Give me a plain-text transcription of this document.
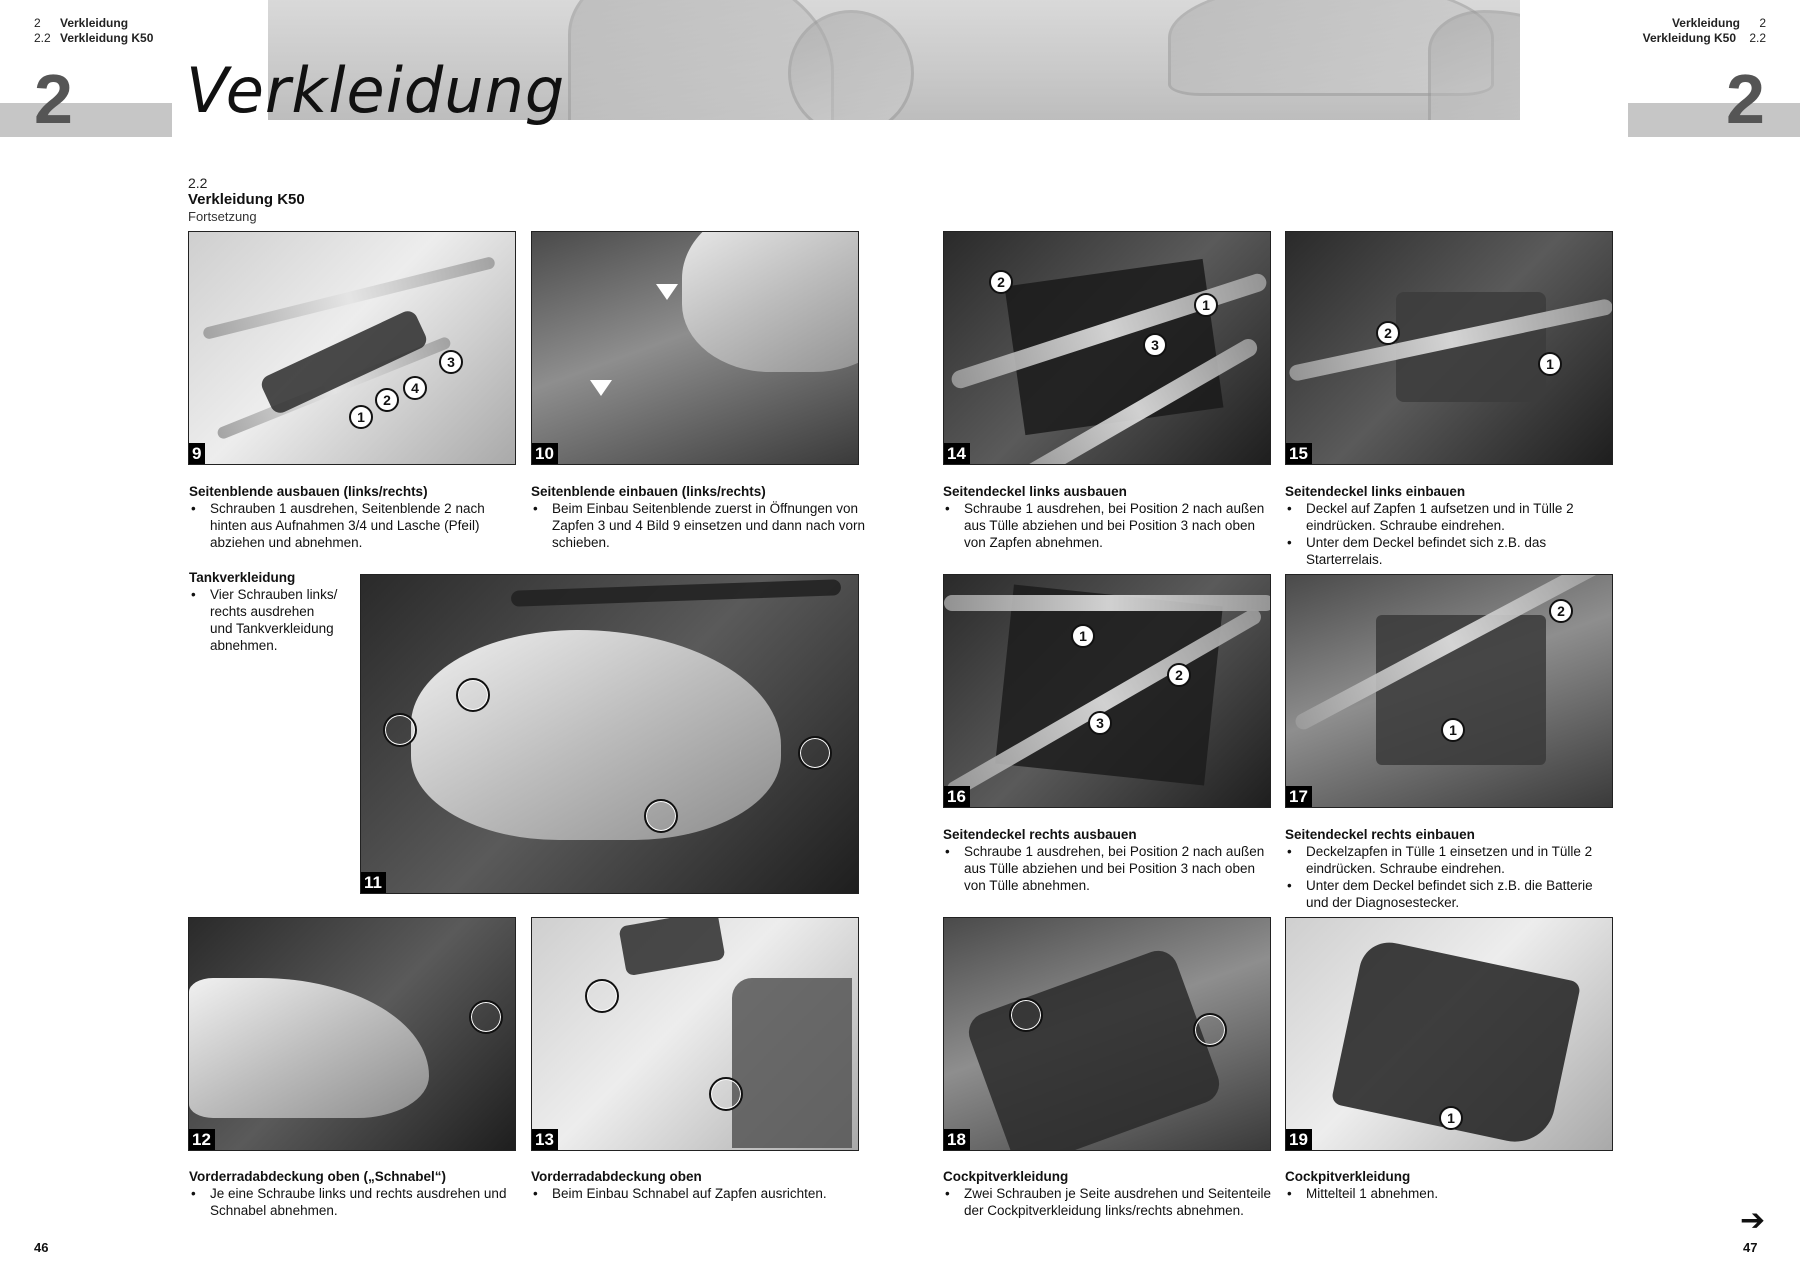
2 Verkleidung
2.2 Verkleidung K50
Verkleidung 2
Verkleidung K50 2.2
2	2
Verkleidung
2.2
Verkleidung K50
Fortsetzung
1
2
4
3
9	10
11
12	13
2
1
3
14
2
1
15
1
2
3
16
2
1
17
18
1
19
Seitenblende ausbauen (links/rechts)
• Schrauben 1 ausdrehen, Seitenblende 2 nach hinten aus Aufnahmen 3/4 und Lasche (Pfeil) abziehen und abnehmen.
Seitenblende einbauen (links/rechts)
• Beim Einbau Seitenblende zuerst in Öffnungen von Zapfen 3 und 4 Bild 9 einsetzen und dann nach vorn schieben.
Tankverkleidung
• Vier Schrauben links/ rechts ausdrehen und Tankverkleidung abnehmen.
Vorderradabdeckung oben („Schnabel“)
• Je eine Schraube links und rechts ausdrehen und Schnabel abnehmen.
Vorderradabdeckung oben
• Beim Einbau Schnabel auf Zapfen ausrichten.
Seitendeckel links ausbauen
• Schraube 1 ausdrehen, bei Position 2 nach außen aus Tülle abziehen und bei Position 3 nach oben von Zapfen abnehmen.
Seitendeckel links einbauen
• Deckel auf Zapfen 1 aufsetzen und in Tülle 2 eindrücken. Schraube eindrehen.
• Unter dem Deckel befindet sich z.B. das Starterrelais.
Seitendeckel rechts ausbauen
• Schraube 1 ausdrehen, bei Position 2 nach außen aus Tülle abziehen und bei Position 3 nach oben von Tülle abnehmen.
Seitendeckel rechts einbauen
• Deckelzapfen in Tülle 1 einsetzen und in Tülle 2 eindrücken. Schraube eindrehen.
• Unter dem Deckel befindet sich z.B. die Batterie und der Diagnosestecker.
Cockpitverkleidung
• Zwei Schrauben je Seite ausdrehen und Seitenteile der Cockpitverkleidung links/rechts abnehmen.
Cockpitverkleidung
• Mittelteil 1 abnehmen.
46	47
➔
